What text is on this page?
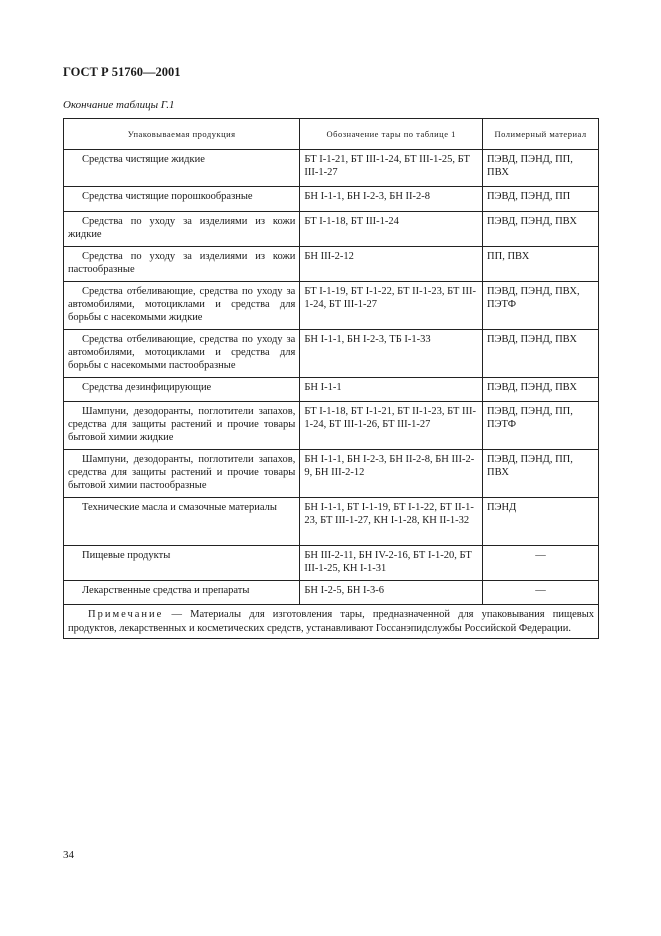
ГОСТ Р 51760—2001
Окончание таблицы Г.1
Упаковываемая продукция	Обозначение тары по таблице 1	Полимерный материал
Средства чистящие жидкие	БТ I-1-21, БТ III-1-24, БТ III-1-25, БТ III-1-27	ПЭВД, ПЭНД, ПП, ПВХ
Средства чистящие порошкообразные	БН I-1-1, БН I-2-3, БН II-2-8	ПЭВД, ПЭНД, ПП
Средства по уходу за изделиями из кожи жидкие	БТ I-1-18, БТ III-1-24	ПЭВД, ПЭНД, ПВХ
Средства по уходу за изделиями из кожи пастообразные	БН III-2-12	ПП, ПВХ
Средства отбеливающие, средства по уходу за автомобилями, мотоциклами и средства для борьбы с насекомыми жидкие	БТ I-1-19, БТ I-1-22, БТ II-1-23, БТ III-1-24, БТ III-1-27	ПЭВД, ПЭНД, ПВХ, ПЭТФ
Средства отбеливающие, средства по уходу за автомобилями, мотоциклами и средства для борьбы с насекомыми пастообразные	БН I-1-1, БН I-2-3, ТБ I-1-33	ПЭВД, ПЭНД, ПВХ
Средства дезинфицирующие	БН I-1-1	ПЭВД, ПЭНД, ПВХ
Шампуни, дезодоранты, поглотители запахов, средства для защиты растений и прочие товары бытовой химии жидкие	БТ I-1-18, БТ I-1-21, БТ II-1-23, БТ III-1-24, БТ III-1-26, БТ III-1-27	ПЭВД, ПЭНД, ПП, ПЭТФ
Шампуни, дезодоранты, поглотители запахов, средства для защиты растений и прочие товары бытовой химии пастообразные	БН I-1-1, БН I-2-3, БН II-2-8, БН III-2-9, БН III-2-12	ПЭВД, ПЭНД, ПП, ПВХ
Технические масла и смазочные материалы	БН I-1-1, БТ I-1-19, БТ I-1-22, БТ II-1-23, БТ III-1-27, КН I-1-28, КН II-1-32	ПЭНД
Пищевые продукты	БН III-2-11, БН IV-2-16, БТ I-1-20, БТ III-1-25, КН I-1-31	—
Лекарственные средства и препараты	БН I-2-5, БН I-3-6	—
Примечание — Материалы для изготовления тары, предназначенной для упаковывания пищевых продуктов, лекарственных и косметических средств, устанавливают Госсанэпидслужбы Российской Федерации.		
34
